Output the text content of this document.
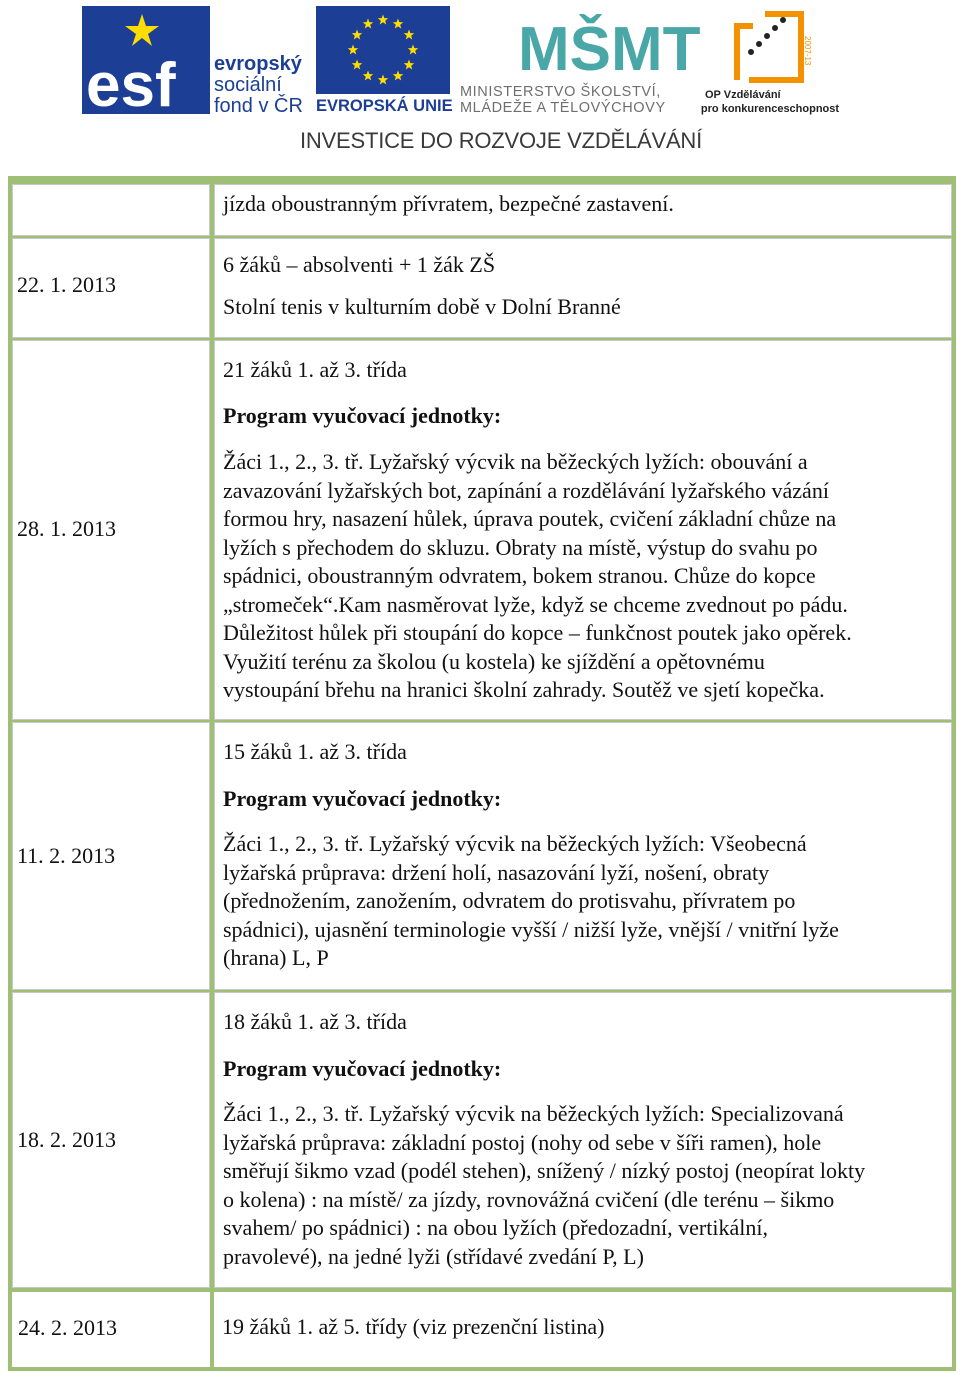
esf evropský
sociální
fond v ČR EVROPSKÁ UNIE
MŠMT
MINISTERSTVO ŠKOLSTVÍ,
MLÁDEŽE A TĚLOVÝCHOVY
2007-13
OP Vzdělávání
pro konkurenceschopnost
INVESTICE DO ROZVOJE VZDĚLÁVÁNÍ
jízda oboustranným přívratem, bezpečné zastavení.
22. 1. 2013
6 žáků – absolventi + 1 žák ZŠ
Stolní tenis v kulturním době v Dolní Branné
28. 1. 2013
21 žáků 1. až 3. třída
Program vyučovací jednotky:
Žáci 1., 2., 3. tř. Lyžařský výcvik na běžeckých lyžích: obouvání a
zavazování lyžařských bot, zapínání a rozdělávání lyžařského vázání
formou hry, nasazení hůlek, úprava poutek, cvičení základní chůze na
lyžích s přechodem do skluzu. Obraty na místě, výstup do svahu po
spádnici, oboustranným odvratem, bokem stranou. Chůze do kopce
„stromeček“.Kam nasměrovat lyže, když se chceme zvednout po pádu.
Důležitost hůlek při stoupání do kopce – funkčnost poutek jako opěrek.
Využití terénu za školou (u kostela) ke sjíždění a opětovnému
vystoupání břehu na hranici školní zahrady. Soutěž ve sjetí kopečka.
11. 2. 2013
15 žáků 1. až 3. třída
Program vyučovací jednotky:
Žáci 1., 2., 3. tř. Lyžařský výcvik na běžeckých lyžích: Všeobecná
lyžařská průprava: držení holí, nasazování lyží, nošení, obraty
(přednožením, zanožením, odvratem do protisvahu, přívratem po
spádnici), ujasnění terminologie vyšší / nižší lyže, vnější / vnitřní lyže
(hrana) L, P
18. 2. 2013
18 žáků 1. až 3. třída
Program vyučovací jednotky:
Žáci 1., 2., 3. tř. Lyžařský výcvik na běžeckých lyžích: Specializovaná
lyžařská průprava: základní postoj (nohy od sebe v šíři ramen), hole
směřují šikmo vzad (podél stehen), snížený / nízký postoj (neopírat lokty
o kolena) : na místě/ za jízdy, rovnovážná cvičení (dle terénu – šikmo
svahem/ po spádnici) : na obou lyžích (předozadní, vertikální,
pravolevé), na jedné lyži (střídavé zvedání P, L)
24. 2. 2013	19 žáků 1. až 5. třídy (viz prezenční listina)
